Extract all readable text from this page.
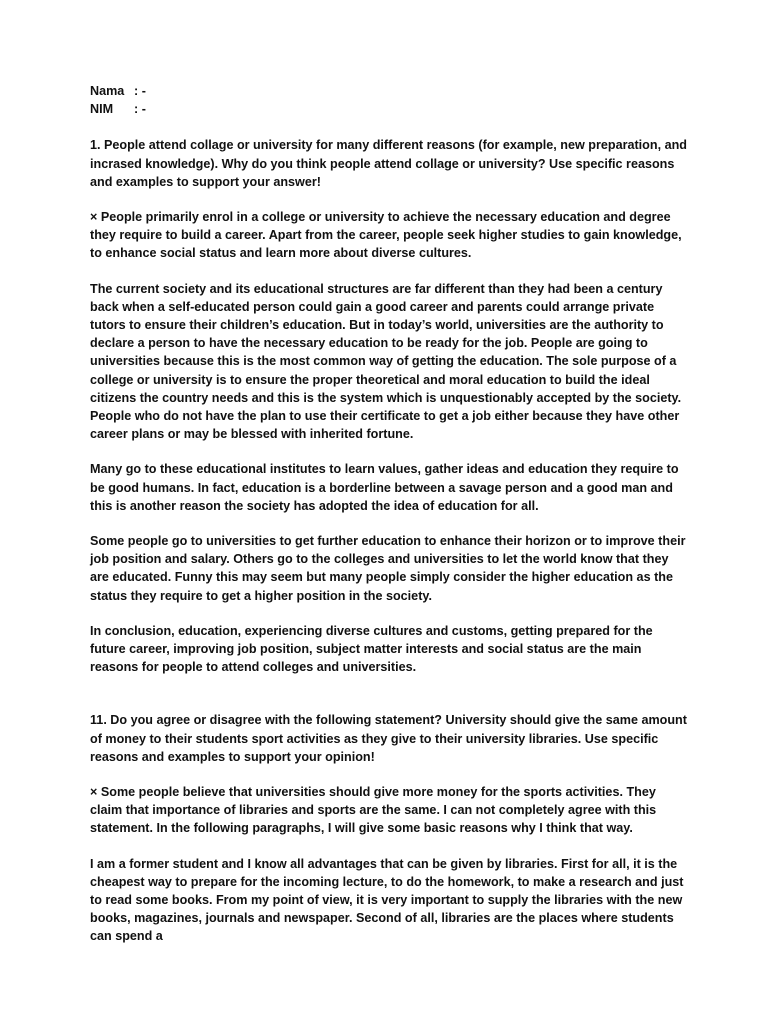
Nama : -
NIM : -

1. People attend collage or university for many different reasons (for example, new preparation, and incrased knowledge). Why do you think people attend collage or university? Use specific reasons and examples to support your answer!

× People primarily enrol in a college or university to achieve the necessary education and degree they require to build a career. Apart from the career, people seek higher studies to gain knowledge, to enhance social status and learn more about diverse cultures.

The current society and its educational structures are far different than they had been a century back when a self-educated person could gain a good career and parents could arrange private tutors to ensure their children’s education. But in today’s world, universities are the authority to declare a person to have the necessary education to be ready for the job. People are going to universities because this is the most common way of getting the education. The sole purpose of a college or university is to ensure the proper theoretical and moral education to build the ideal citizens the country needs and this is the system which is unquestionably accepted by the society. People who do not have the plan to use their certificate to get a job either because they have other career plans or may be blessed with inherited fortune.

Many go to these educational institutes to learn values, gather ideas and education they require to be good humans. In fact, education is a borderline between a savage person and a good man and this is another reason the society has adopted the idea of education for all.

Some people go to universities to get further education to enhance their horizon or to improve their job position and salary. Others go to the colleges and universities to let the world know that they are educated. Funny this may seem but many people simply consider the higher education as the status they require to get a higher position in the society.

In conclusion, education, experiencing diverse cultures and customs, getting prepared for the future career, improving job position, subject matter interests and social status are the main reasons for people to attend colleges and universities.

11. Do you agree or disagree with the following statement? University should give the same amount of money to their students sport activities as they give to their university libraries. Use specific reasons and examples to support your opinion!

× Some people believe that universities should give more money for the sports activities. They claim that importance of libraries and sports are the same. I can not completely agree with this statement. In the following paragraphs, I will give some basic reasons why I think that way.

I am a former student and I know all advantages that can be given by libraries. First for all, it is the cheapest way to prepare for the incoming lecture, to do the homework, to make a research and just to read some books. From my point of view, it is very important to supply the libraries with the new books, magazines, journals and newspaper. Second of all, libraries are the places where students can spend a
